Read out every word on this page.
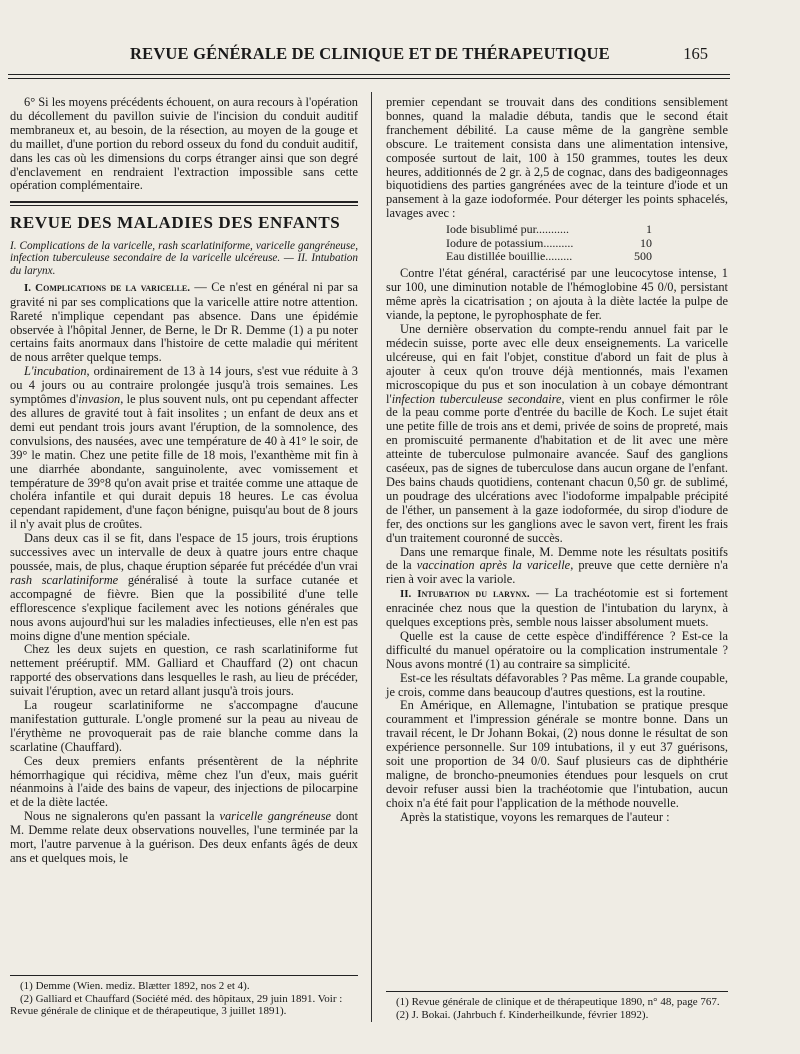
REVUE GÉNÉRALE DE CLINIQUE ET DE THÉRAPEUTIQUE	165

6° Si les moyens précédents échouent, on aura recours à l'opération du décollement du pavillon suivie de l'incision du conduit auditif membraneux et, au besoin, de la résection, au moyen de la gouge et du maillet, d'une portion du rebord osseux du fond du conduit auditif, dans les cas où les dimensions du corps étranger ainsi que son degré d'enclavement en rendraient l'extraction impossible sans cette opération complémentaire.

REVUE DES MALADIES DES ENFANTS

I. Complications de la varicelle, rash scarlatiniforme, varicelle gangréneuse, infection tuberculeuse secondaire de la varicelle ulcéreuse. — II. Intubation du larynx.

I. Complications de la varicelle. — Ce n'est en général ni par sa gravité ni par ses complications que la varicelle attire notre attention. Rareté n'implique cependant pas absence. Dans une épidémie observée à l'hôpital Jenner, de Berne, le Dr R. Demme (1) a pu noter certains faits anormaux dans l'histoire de cette maladie qui méritent de nous arrêter quelque temps.

L'incubation, ordinairement de 13 à 14 jours, s'est vue réduite à 3 ou 4 jours ou au contraire prolongée jusqu'à trois semaines. Les symptômes d'invasion, le plus souvent nuls, ont pu cependant affecter des allures de gravité tout à fait insolites ; un enfant de deux ans et demi eut pendant trois jours avant l'éruption, de la somnolence, des convulsions, des nausées, avec une température de 40 à 41° le soir, de 39° le matin. Chez une petite fille de 18 mois, l'exanthème mit fin à une diarrhée abondante, sanguinolente, avec vomissement et température de 39°8 qu'on avait prise et traitée comme une attaque de choléra infantile et qui durait depuis 18 heures. Le cas évolua cependant rapidement, d'une façon bénigne, puisqu'au bout de 8 jours il n'y avait plus de croûtes.

Dans deux cas il se fit, dans l'espace de 15 jours, trois éruptions successives avec un intervalle de deux à quatre jours entre chaque poussée, mais, de plus, chaque éruption séparée fut précédée d'un vrai rash scarlatiniforme généralisé à toute la surface cutanée et accompagné de fièvre. Bien que la possibilité d'une telle efflorescence s'explique facilement avec les notions générales que nous avons aujourd'hui sur les maladies infectieuses, elle n'en est pas moins digne d'une mention spéciale.

Chez les deux sujets en question, ce rash scarlatiniforme fut nettement prééruptif. MM. Galliard et Chauffard (2) ont chacun rapporté des observations dans lesquelles le rash, au lieu de précéder, suivait l'éruption, avec un retard allant jusqu'à trois jours.

La rougeur scarlatiniforme ne s'accompagne d'aucune manifestation gutturale. L'ongle promené sur la peau au niveau de l'érythème ne provoquerait pas de raie blanche comme dans la scarlatine (Chauffard).

Ces deux premiers enfants présentèrent de la néphrite hémorrhagique qui récidiva, même chez l'un d'eux, mais guérit néanmoins à l'aide des bains de vapeur, des injections de pilocarpine et de la diète lactée.

Nous ne signalerons qu'en passant la varicelle gangréneuse dont M. Demme relate deux observations nouvelles, l'une terminée par la mort, l'autre parvenue à la guérison. Des deux enfants âgés de deux ans et quelques mois, le

(1) Demme (Wien. mediz. Blætter 1892, nos 2 et 4).

(2) Galliard et Chauffard (Société méd. des hôpitaux, 29 juin 1891. Voir : Revue générale de clinique et de thérapeutique, 3 juillet 1891).

premier cependant se trouvait dans des conditions sensiblement bonnes, quand la maladie débuta, tandis que le second était franchement débilité. La cause même de la gangrène semble obscure. Le traitement consista dans une alimentation intensive, composée surtout de lait, 100 à 150 grammes, toutes les deux heures, additionnés de 2 gr. à 2,5 de cognac, dans des badigeonnages biquotidiens des parties gangrénées avec de la teinture d'iode et un pansement à la gaze iodoformée. Pour déterger les points sphacelés, lavages avec :

Iode bisublimé pur...........	1
Iodure de potassium..........	10
Eau distillée bouillie.........	500

Contre l'état général, caractérisé par une leucocytose intense, 1 sur 100, une diminution notable de l'hémoglobine 45 0/0, persistant même après la cicatrisation ; on ajouta à la diète lactée la pulpe de viande, la peptone, le pyrophosphate de fer.

Une dernière observation du compte-rendu annuel fait par le médecin suisse, porte avec elle deux enseignements. La varicelle ulcéreuse, qui en fait l'objet, constitue d'abord un fait de plus à ajouter à ceux qu'on trouve déjà mentionnés, mais l'examen microscopique du pus et son inoculation à un cobaye démontrant l'infection tuberculeuse secondaire, vient en plus confirmer le rôle de la peau comme porte d'entrée du bacille de Koch. Le sujet était une petite fille de trois ans et demi, privée de soins de propreté, mais en promiscuité permanente d'habitation et de lit avec une mère atteinte de tuberculose pulmonaire avancée. Sauf des ganglions caséeux, pas de signes de tuberculose dans aucun organe de l'enfant. Des bains chauds quotidiens, contenant chacun 0,50 gr. de sublimé, un poudrage des ulcérations avec l'iodoforme impalpable précipité de l'éther, un pansement à la gaze iodoformée, du sirop d'iodure de fer, des onctions sur les ganglions avec le savon vert, firent les frais d'un traitement couronné de succès.

Dans une remarque finale, M. Demme note les résultats positifs de la vaccination après la varicelle, preuve que cette dernière n'a rien à voir avec la variole.

II. Intubation du larynx. — La trachéotomie est si fortement enracinée chez nous que la question de l'intubation du larynx, à quelques exceptions près, semble nous laisser absolument muets.

Quelle est la cause de cette espèce d'indifférence ? Est-ce la difficulté du manuel opératoire ou la complication instrumentale ? Nous avons montré (1) au contraire sa simplicité.

Est-ce les résultats défavorables ? Pas même. La grande coupable, je crois, comme dans beaucoup d'autres questions, est la routine.

En Amérique, en Allemagne, l'intubation se pratique presque couramment et l'impression générale se montre bonne. Dans un travail récent, le Dr Johann Bokai, (2) nous donne le résultat de son expérience personnelle. Sur 109 intubations, il y eut 37 guérisons, soit une proportion de 34 0/0. Sauf plusieurs cas de diphthérie maligne, de broncho-pneumonies étendues pour lesquels on crut devoir refuser aussi bien la trachéotomie que l'intubation, aucun choix n'a été fait pour l'application de la méthode nouvelle.

Après la statistique, voyons les remarques de l'auteur :

(1) Revue générale de clinique et de thérapeutique 1890, n° 48, page 767.

(2) J. Bokai. (Jahrbuch f. Kinderheilkunde, février 1892).
